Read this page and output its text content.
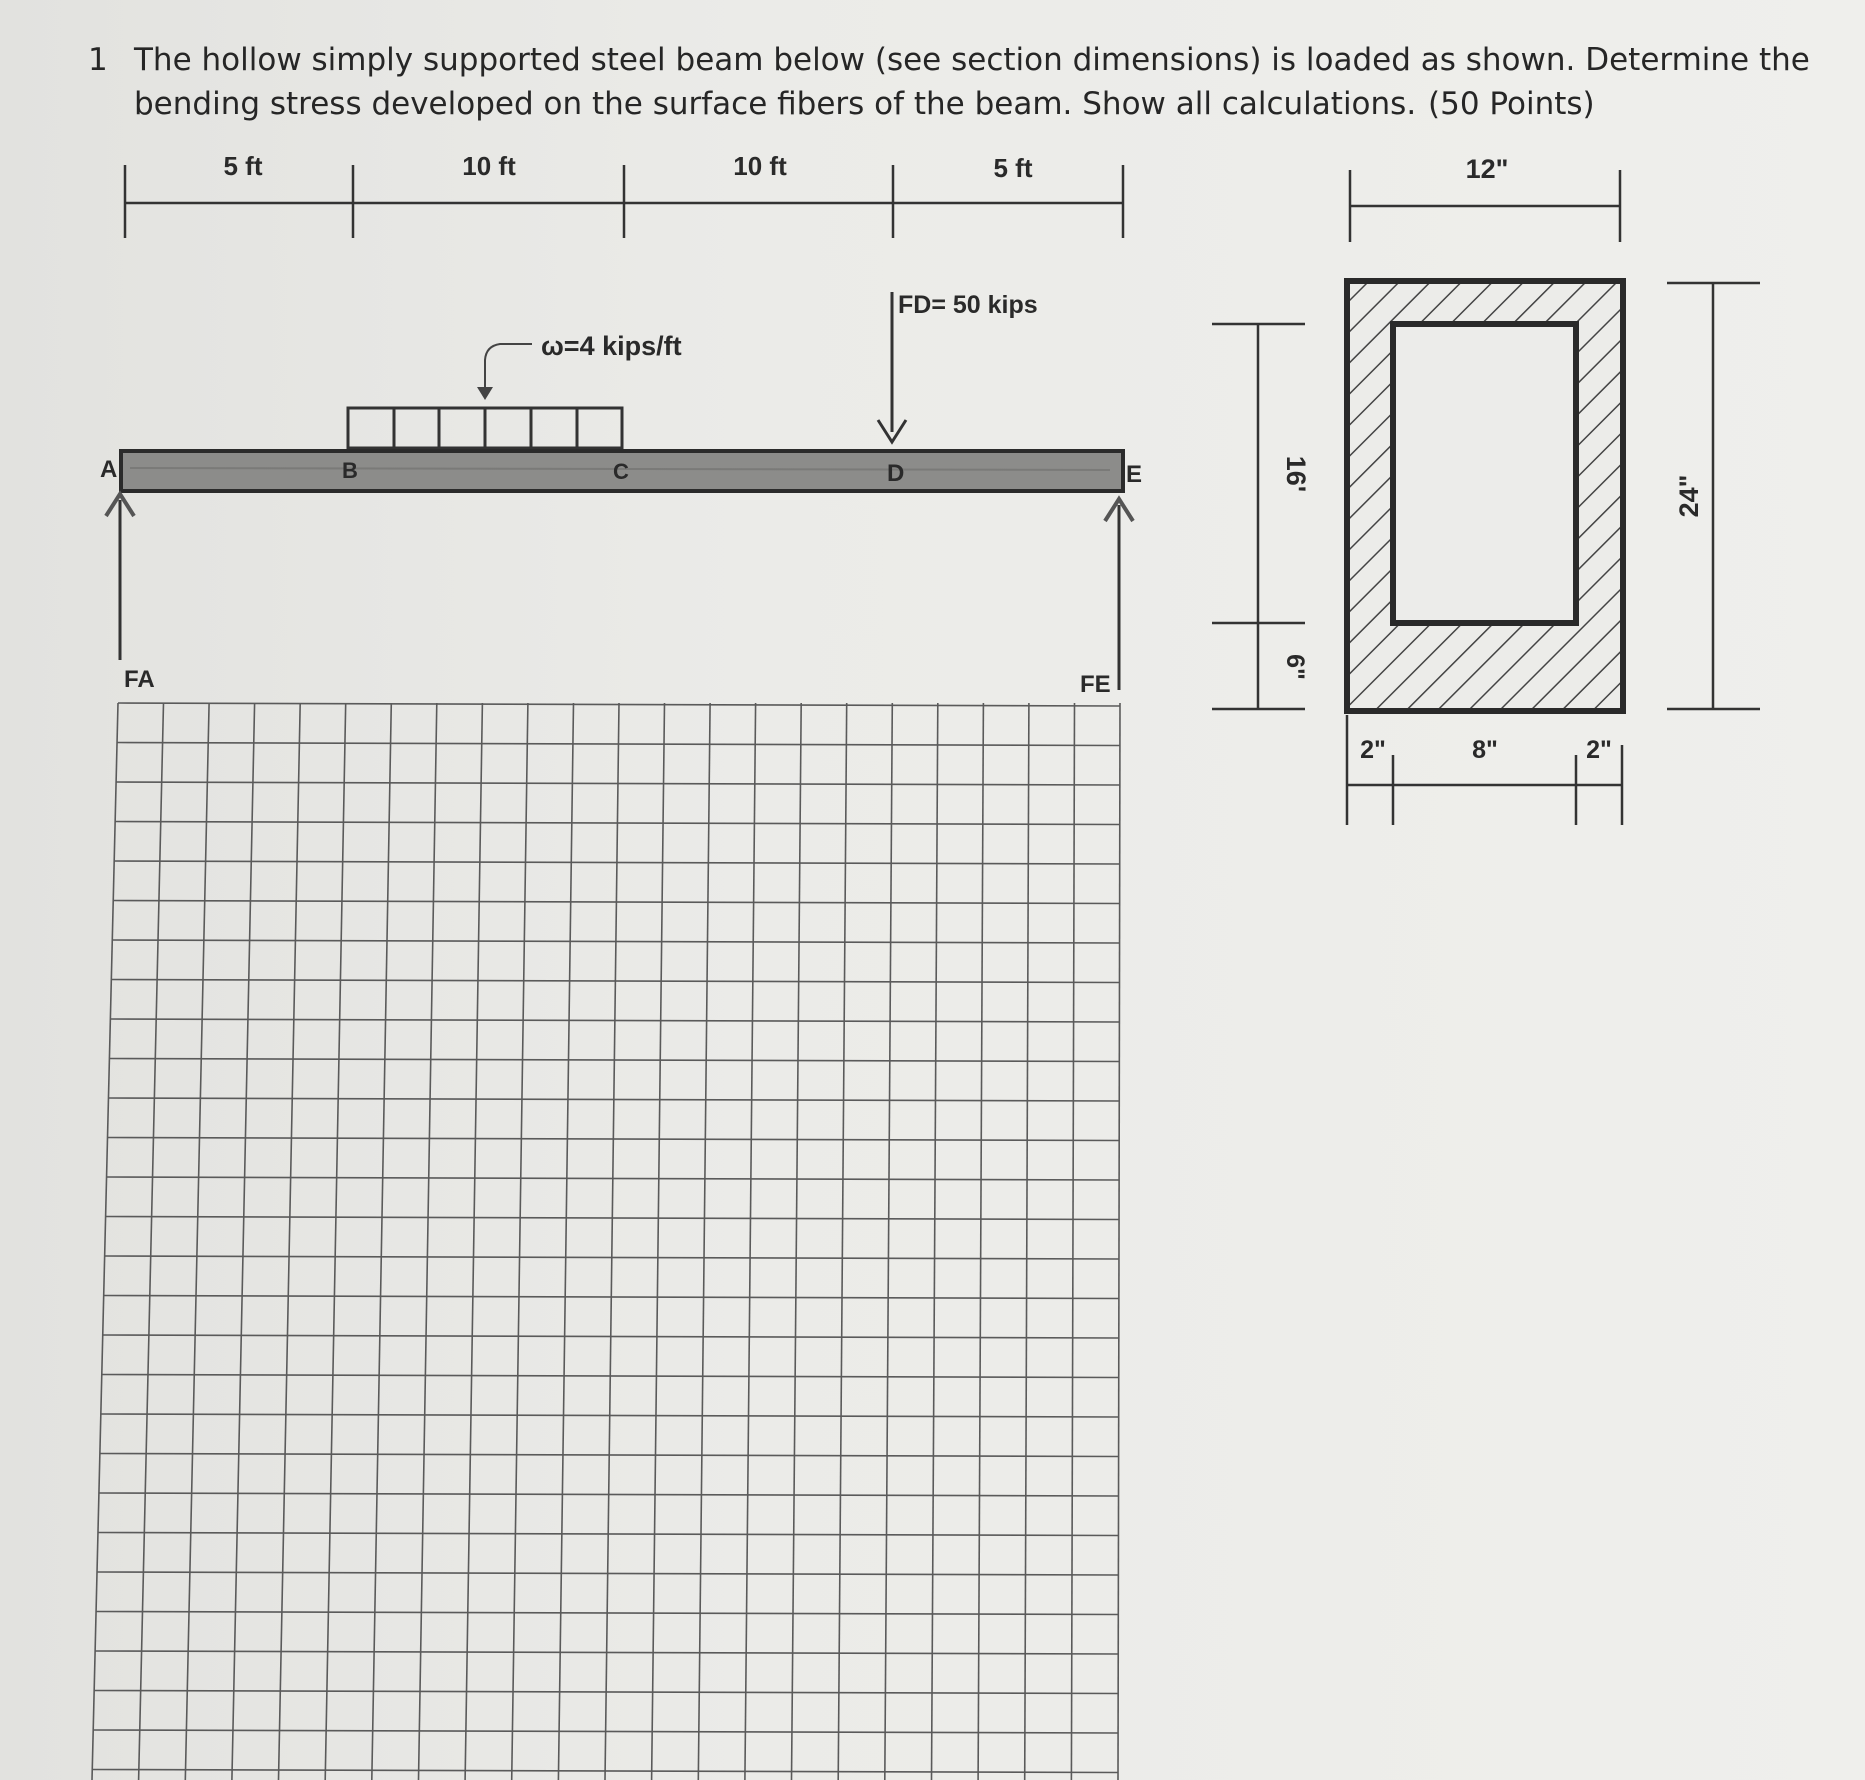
1 The hollow simply supported steel beam below (see section dimensions) is loaded as shown. Determine the
bending stress developed on the surface fibers of the beam. Show all calculations. (50 Points)
5 ft	10 ft	10 ft	5 ft
ω=4 kips/ft
FD= 50 kips
A	B	C	D	E
FA	FE
12"
24"
16'
6"
2"	8"	2"
